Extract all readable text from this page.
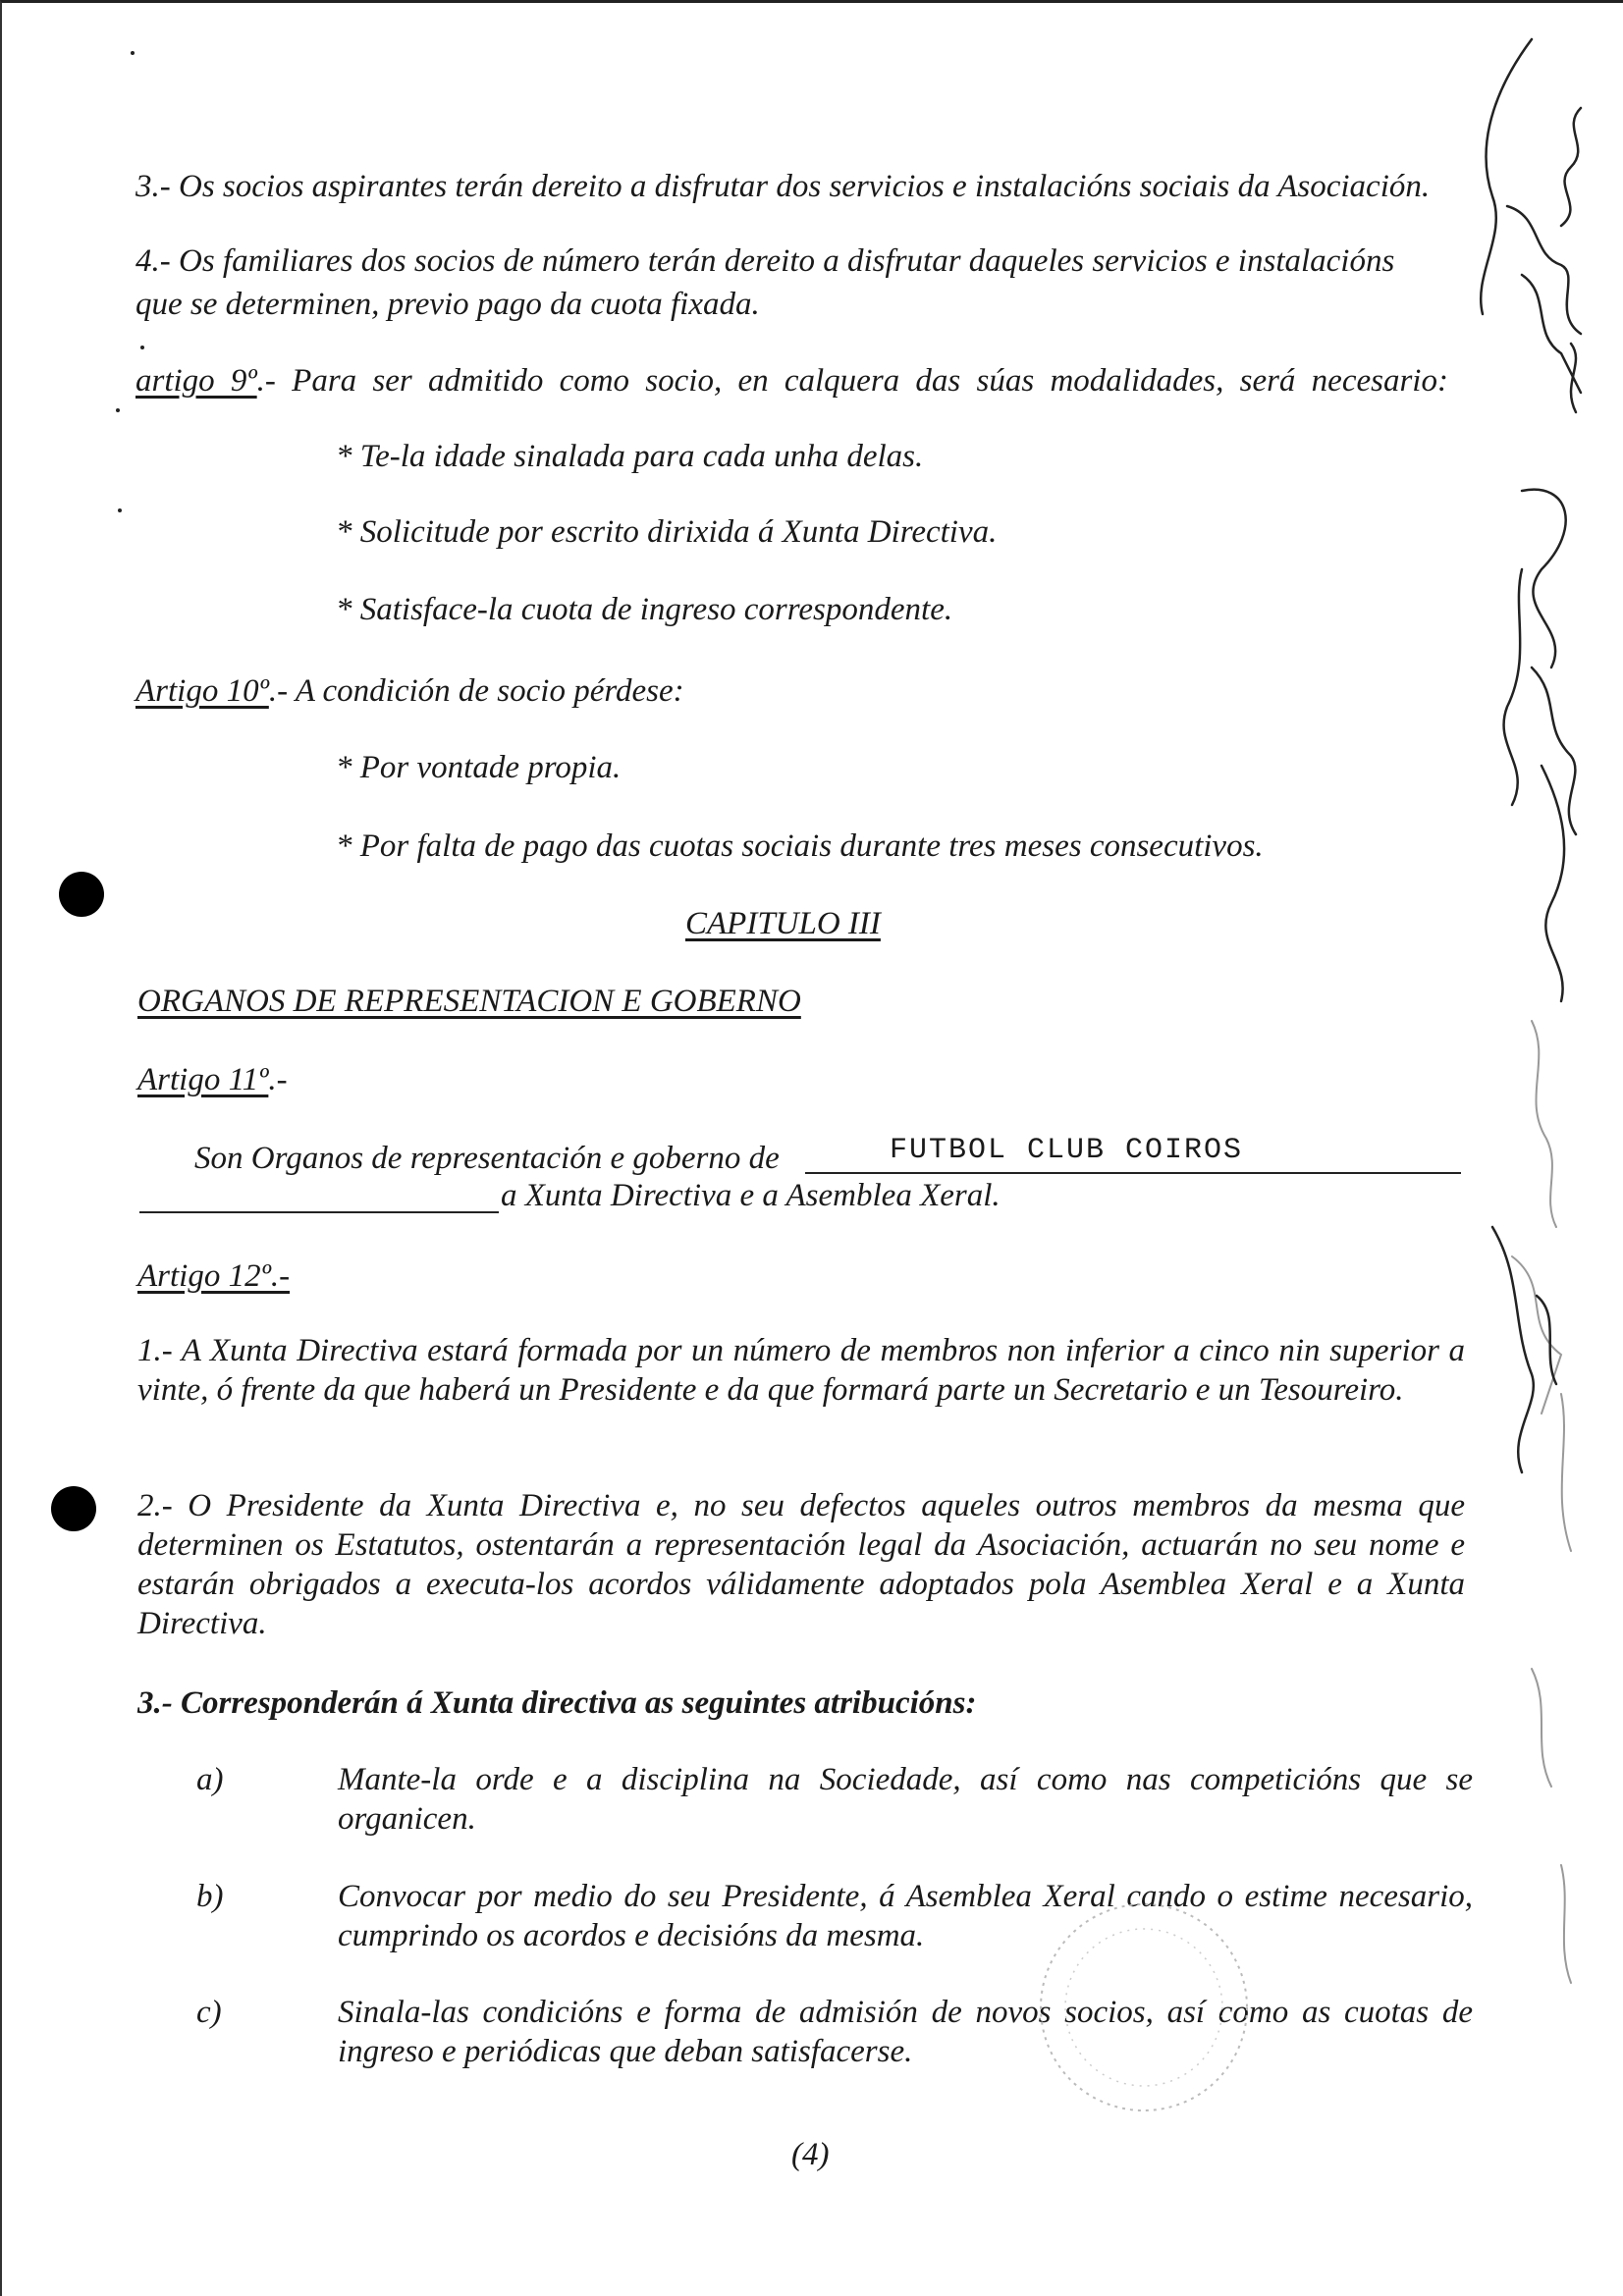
3.- Os socios aspirantes terán dereito a disfrutar dos servicios e instalacións sociais da Asociación.
4.- Os familiares dos socios de número terán dereito a disfrutar daqueles servicios e instalacións
que se determinen, previo pago da cuota fixada.
artigo 9º.- Para ser admitido como socio, en calquera das súas modalidades, será necesario:
* Te-la idade sinalada para cada unha delas.
* Solicitude por escrito dirixida á Xunta Directiva.
* Satisface-la cuota de ingreso correspondente.
Artigo 10º.- A condición de socio pérdese:
* Por vontade propia.
* Por falta de pago das cuotas sociais durante tres meses consecutivos.
CAPITULO III
ORGANOS DE REPRESENTACION E GOBERNO
Artigo 11º.-
Son Organos de representación e goberno de	FUTBOL CLUB COIROS
a Xunta Directiva e a Asemblea Xeral.
Artigo 12º.-
1.- A Xunta Directiva estará formada por un número de membros non inferior a cinco nin superior a vinte, ó frente da que haberá un Presidente e da que formará parte un Secretario e un Tesoureiro.
2.- O Presidente da Xunta Directiva e, no seu defectos aqueles outros membros da mesma que determinen os Estatutos, ostentarán a representación legal da Asociación, actuarán no seu nome e estarán obrigados a executa-los acordos válidamente adoptados pola Asemblea Xeral e a Xunta Directiva.
3.- Corresponderán á Xunta directiva as seguintes atribucións:
a)	Mante-la orde e a disciplina na Sociedade, así como nas competicións que se organicen.
b)	Convocar por medio do seu Presidente, á Asemblea Xeral cando o estime necesario, cumprindo os acordos e decisións da mesma.
c)	Sinala-las condicións e forma de admisión de novos socios, así como as cuotas de ingreso e periódicas que deban satisfacerse.
(4)
